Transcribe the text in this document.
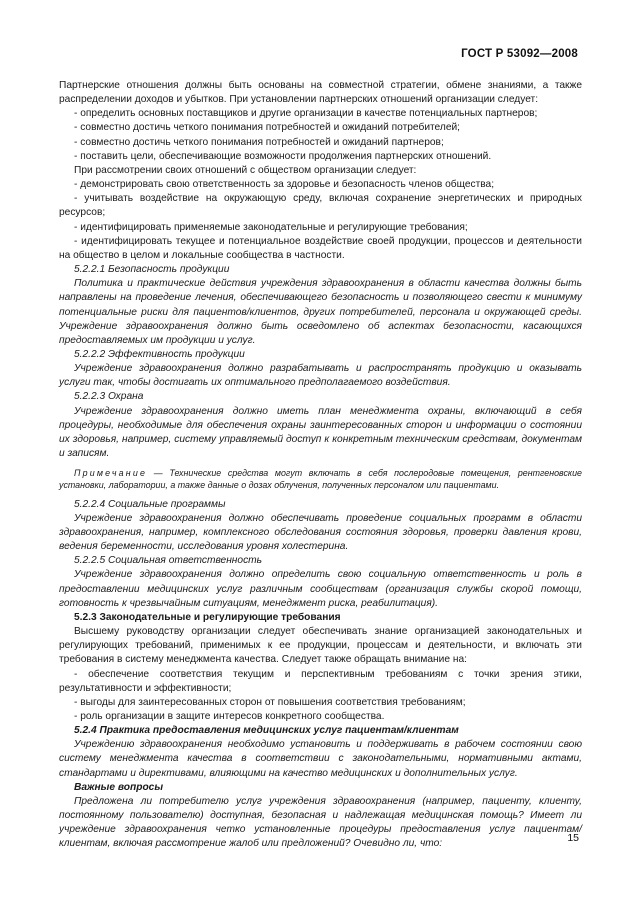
ГОСТ Р 53092—2008

Партнерские отношения должны быть основаны на совместной стратегии, обмене знаниями, а также распределении доходов и убытков. При установлении партнерских отношений организации следует:

- определить основных поставщиков и другие организации в качестве потенциальных партнеров;

- совместно достичь четкого понимания потребностей и ожиданий потребителей;

- совместно достичь четкого понимания потребностей и ожиданий партнеров;

- поставить цели, обеспечивающие возможности продолжения партнерских отношений.

При рассмотрении своих отношений с обществом организации следует:

- демонстрировать свою ответственность за здоровье и безопасность членов общества;

- учитывать воздействие на окружающую среду, включая сохранение энергетических и природных ресурсов;

- идентифицировать применяемые законодательные и регулирующие требования;

- идентифицировать текущее и потенциальное воздействие своей продукции, процессов и деятельности на общество в целом и локальные сообщества в частности.

5.2.2.1 Безопасность продукции

Политика и практические действия учреждения здравоохранения в области качества должны быть направлены на проведение лечения, обеспечивающего безопасность и позволяющего свести к минимуму потенциальные риски для пациентов/клиентов, других потребителей, персонала и окружающей среды. Учреждение здравоохранения должно быть осведомлено об аспектах безопасности, касающихся предоставляемых им продукции и услуг.

5.2.2.2 Эффективность продукции

Учреждение здравоохранения должно разрабатывать и распространять продукцию и оказывать услуги так, чтобы достигать их оптимального предполагаемого воздействия.

5.2.2.3 Охрана

Учреждение здравоохранения должно иметь план менеджмента охраны, включающий в себя процедуры, необходимые для обеспечения охраны заинтересованных сторон и информации о состоянии их здоровья, например, систему управляемый доступ к конкретным техническим средствам, документам и записям.

Примечание — Технические средства могут включать в себя послеродовые помещения, рентгеновские установки, лаборатории, а также данные о дозах облучения, полученных персоналом или пациентами.

5.2.2.4 Социальные программы

Учреждение здравоохранения должно обеспечивать проведение социальных программ в области здравоохранения, например, комплексного обследования состояния здоровья, проверки давления крови, ведения беременности, исследования уровня холестерина.

5.2.2.5 Социальная ответственность

Учреждение здравоохранения должно определить свою социальную ответственность и роль в предоставлении медицинских услуг различным сообществам (организация службы скорой помощи, готовность к чрезвычайным ситуациям, менеджмент риска, реабилитация).

5.2.3 Законодательные и регулирующие требования

Высшему руководству организации следует обеспечивать знание организацией законодательных и регулирующих требований, применимых к ее продукции, процессам и деятельности, и включать эти требования в систему менеджмента качества. Следует также обращать внимание на:

- обеспечение соответствия текущим и перспективным требованиям с точки зрения этики, результативности и эффективности;

- выгоды для заинтересованных сторон от повышения соответствия требованиям;

- роль организации в защите интересов конкретного сообщества.

5.2.4 Практика предоставления медицинских услуг пациентам/клиентам

Учреждению здравоохранения необходимо установить и поддерживать в рабочем состоянии свою систему менеджмента качества в соответствии с законодательными, нормативными актами, стандартами и директивами, влияющими на качество медицинских и дополнительных услуг.

Важные вопросы

Предложена ли потребителю услуг учреждения здравоохранения (например, пациенту, клиенту, постоянному пользователю) доступная, безопасная и надлежащая медицинская помощь? Имеет ли учреждение здравоохранения четко установленные процедуры предоставления услуг пациентам/клиентам, включая рассмотрение жалоб или предложений? Очевидно ли, что:	15
